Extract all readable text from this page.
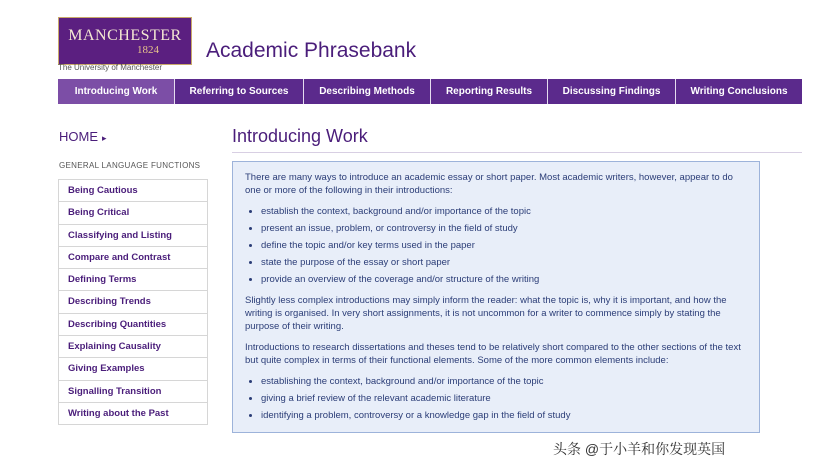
MANCHESTER
1824
The University of Manchester
Academic Phrasebank
Introducing Work	Referring to Sources	Describing Methods	Reporting Results	Discussing Findings	Writing Conclusions
HOME ▸
GENERAL LANGUAGE FUNCTIONS
Being Cautious
Being Critical
Classifying and Listing
Compare and Contrast
Defining Terms
Describing Trends
Describing Quantities
Explaining Causality
Giving Examples
Signalling Transition
Writing about the Past
Introducing Work

There are many ways to introduce an academic essay or short paper. Most academic writers, however, appear to do one or more of the following in their introductions:

• establish the context, background and/or importance of the topic
• present an issue, problem, or controversy in the field of study
• define the topic and/or key terms used in the paper
• state the purpose of the essay or short paper
• provide an overview of the coverage and/or structure of the writing

Slightly less complex introductions may simply inform the reader: what the topic is, why it is important, and how the writing is organised. In very short assignments, it is not uncommon for a writer to commence simply by stating the purpose of their writing.

Introductions to research dissertations and theses tend to be relatively short compared to the other sections of the text but quite complex in terms of their functional elements. Some of the more common elements include:

• establishing the context, background and/or importance of the topic
• giving a brief review of the relevant academic literature
• identifying a problem, controversy or a knowledge gap in the field of study
头条 @于小羊和你发现英国
